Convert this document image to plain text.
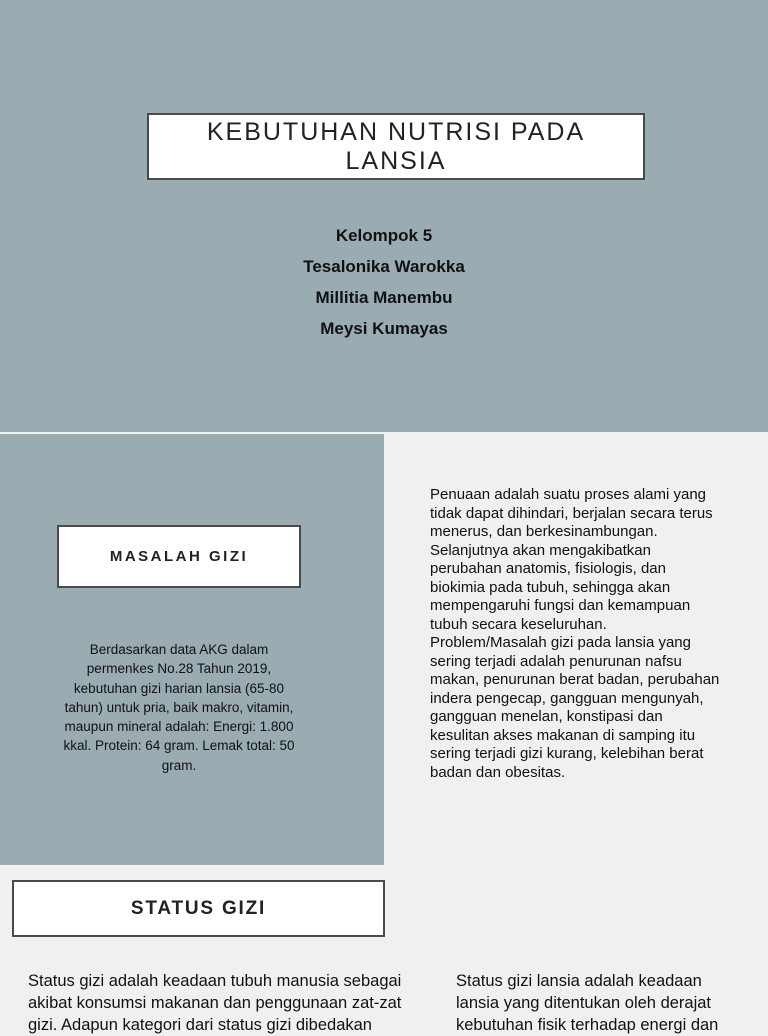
KEBUTUHAN NUTRISI PADA
LANSIA
Kelompok 5
Tesalonika Warokka
Millitia Manembu
Meysi Kumayas
MASALAH GIZI

Berdasarkan data AKG dalam permenkes No.28 Tahun 2019, kebutuhan gizi harian lansia (65-80 tahun) untuk pria, baik makro, vitamin, maupun mineral adalah: Energi: 1.800 kkal. Protein: 64 gram. Lemak total: 50 gram.

Penuaan adalah suatu proses alami yang tidak dapat dihindari, berjalan secara terus menerus, dan berkesinambungan. Selanjutnya akan mengakibatkan perubahan anatomis, fisiologis, dan biokimia pada tubuh, sehingga akan mempengaruhi fungsi dan kemampuan tubuh secara keseluruhan. Problem/Masalah gizi pada lansia yang sering terjadi adalah penurunan nafsu makan, penurunan berat badan, perubahan indera pengecap, gangguan mengunyah, gangguan menelan, konstipasi dan kesulitan akses makanan di samping itu sering terjadi gizi kurang, kelebihan berat badan dan obesitas.

STATUS GIZI

Status gizi adalah keadaan tubuh manusia sebagai akibat konsumsi makanan dan penggunaan zat-zat gizi. Adapun kategori dari status gizi dibedakan

Status gizi lansia adalah keadaan lansia yang ditentukan oleh derajat kebutuhan fisik terhadap energi dan
